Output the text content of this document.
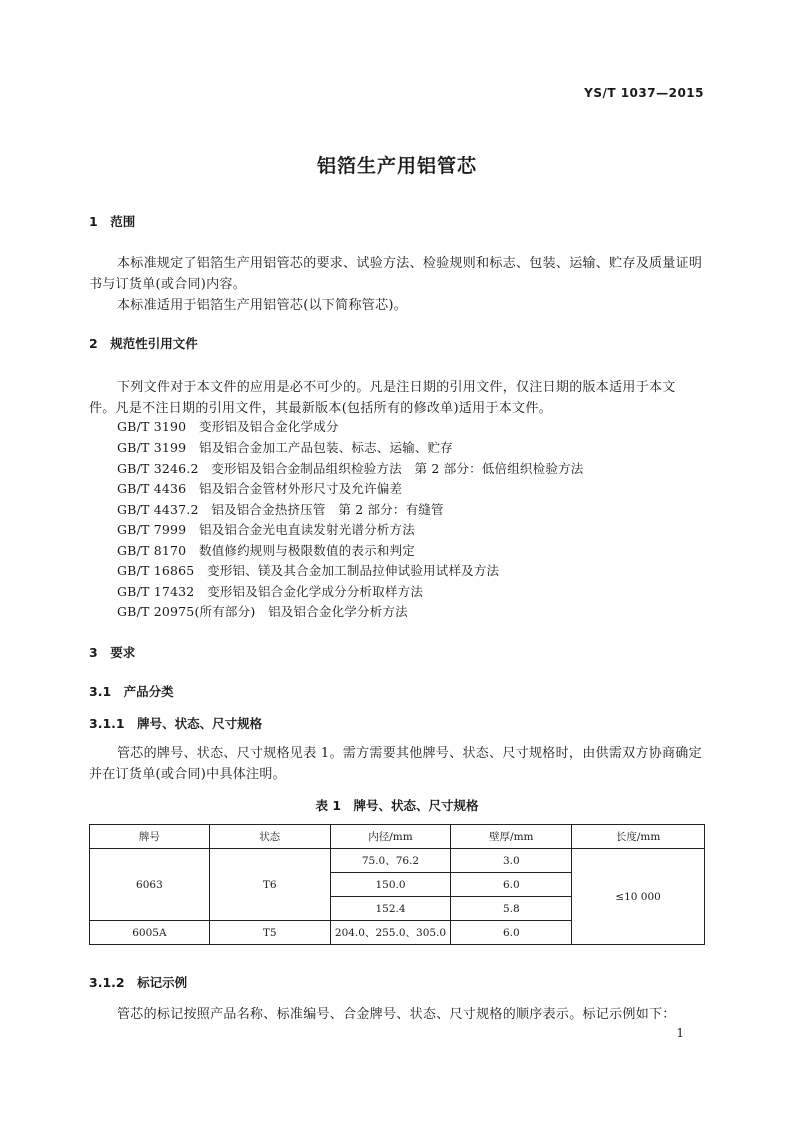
YS/T 1037—2015
铝箔生产用铝管芯
1　范围
本标准规定了铝箔生产用铝管芯的要求、试验方法、检验规则和标志、包装、运输、贮存及质量证明
书与订货单(或合同)内容。
本标准适用于铝箔生产用铝管芯(以下简称管芯)。
2　规范性引用文件
下列文件对于本文件的应用是必不可少的。凡是注日期的引用文件，仅注日期的版本适用于本文
件。凡是不注日期的引用文件，其最新版本(包括所有的修改单)适用于本文件。
GB/T 3190　变形铝及铝合金化学成分
GB/T 3199　铝及铝合金加工产品包装、标志、运输、贮存
GB/T 3246.2　变形铝及铝合金制品组织检验方法　第 2 部分：低倍组织检验方法
GB/T 4436　铝及铝合金管材外形尺寸及允许偏差
GB/T 4437.2　铝及铝合金热挤压管　第 2 部分：有缝管
GB/T 7999　铝及铝合金光电直读发射光谱分析方法
GB/T 8170　数值修约规则与极限数值的表示和判定
GB/T 16865　变形铝、镁及其合金加工制品拉伸试验用试样及方法
GB/T 17432　变形铝及铝合金化学成分分析取样方法
GB/T 20975(所有部分)　铝及铝合金化学分析方法
3　要求
3.1　产品分类
3.1.1　牌号、状态、尺寸规格
管芯的牌号、状态、尺寸规格见表 1。需方需要其他牌号、状态、尺寸规格时，由供需双方协商确定
并在订货单(或合同)中具体注明。
表 1　牌号、状态、尺寸规格
牌号	状态	内径/mm	壁厚/mm	长度/mm
6063	T6	75.0、76.2	3.0	≤10 000
		150.0	6.0	
		152.4	5.8	
6005A	T5	204.0、255.0、305.0	6.0	
3.1.2　标记示例
管芯的标记按照产品名称、标准编号、合金牌号、状态、尺寸规格的顺序表示。标记示例如下：
1
